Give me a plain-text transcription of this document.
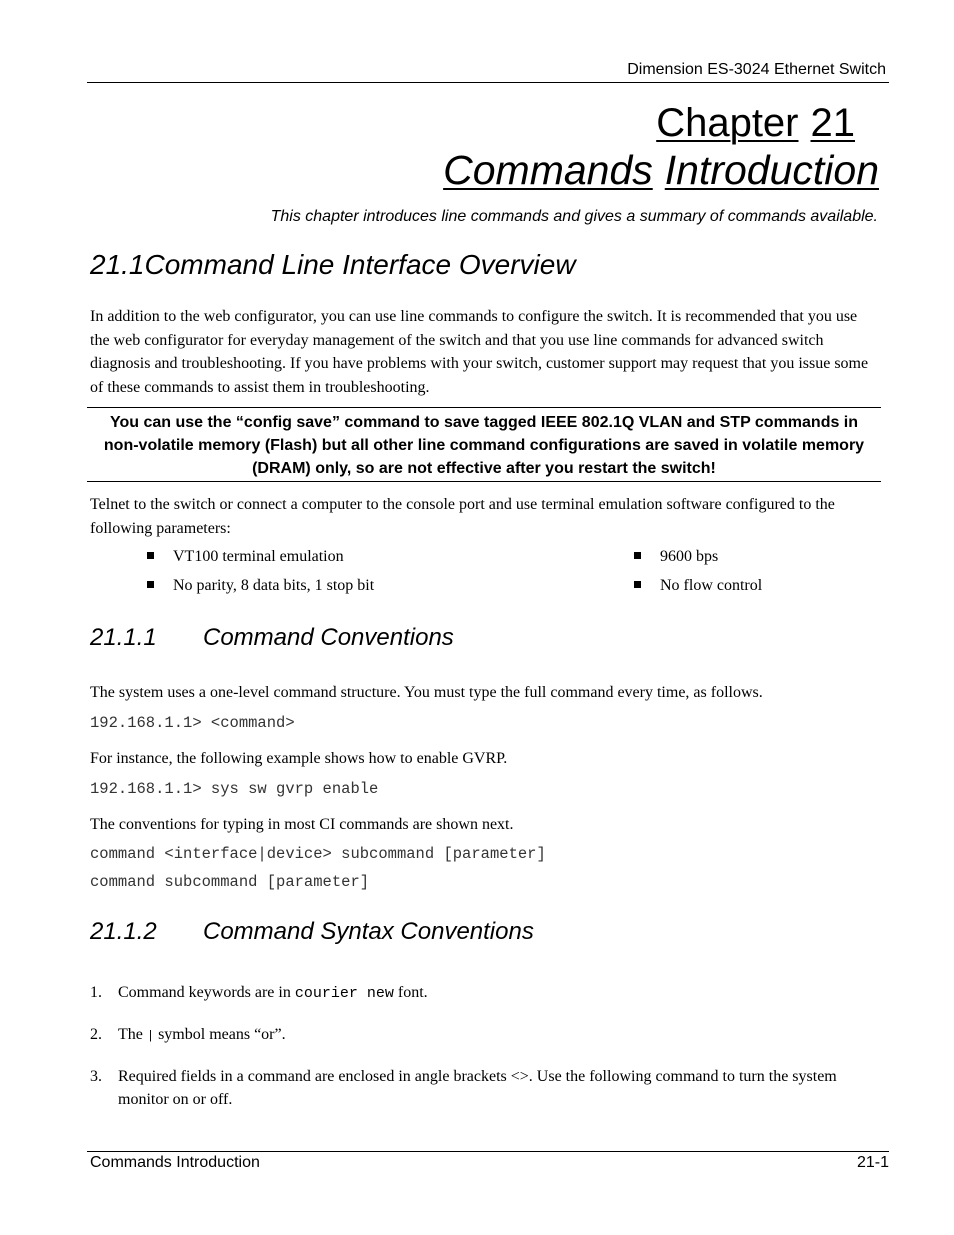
Dimension ES-3024 Ethernet Switch
Chapter 21
Commands Introduction
This chapter introduces line commands and gives a summary of commands available.
21.1Command Line Interface Overview
In addition to the web configurator, you can use line commands to configure the switch. It is recommended that you use the web configurator for everyday management of the switch and that you use line commands for advanced switch diagnosis and troubleshooting. If you have problems with your switch, customer support may request that you issue some of these commands to assist them in troubleshooting.
You can use the “config save” command to save tagged IEEE 802.1Q VLAN and STP commands in non-volatile memory (Flash) but all other line command configurations are saved in volatile memory (DRAM) only, so are not effective after you restart the switch!
Telnet to the switch or connect a computer to the console port and use terminal emulation software configured to the following parameters:
VT100 terminal emulation	9600 bps
No parity, 8 data bits, 1 stop bit	No flow control
21.1.1 Command Conventions
The system uses a one-level command structure. You must type the full command every time, as follows.
192.168.1.1> <command>
For instance, the following example shows how to enable GVRP.
192.168.1.1> sys sw gvrp enable
The conventions for typing in most CI commands are shown next.
command <interface|device> subcommand [parameter]
command subcommand [parameter]
21.1.2 Command Syntax Conventions
1. Command keywords are in courier new font.
2. The | symbol means “or”.
3. Required fields in a command are enclosed in angle brackets <>. Use the following command to turn the system monitor on or off.
Commands Introduction	21-1
